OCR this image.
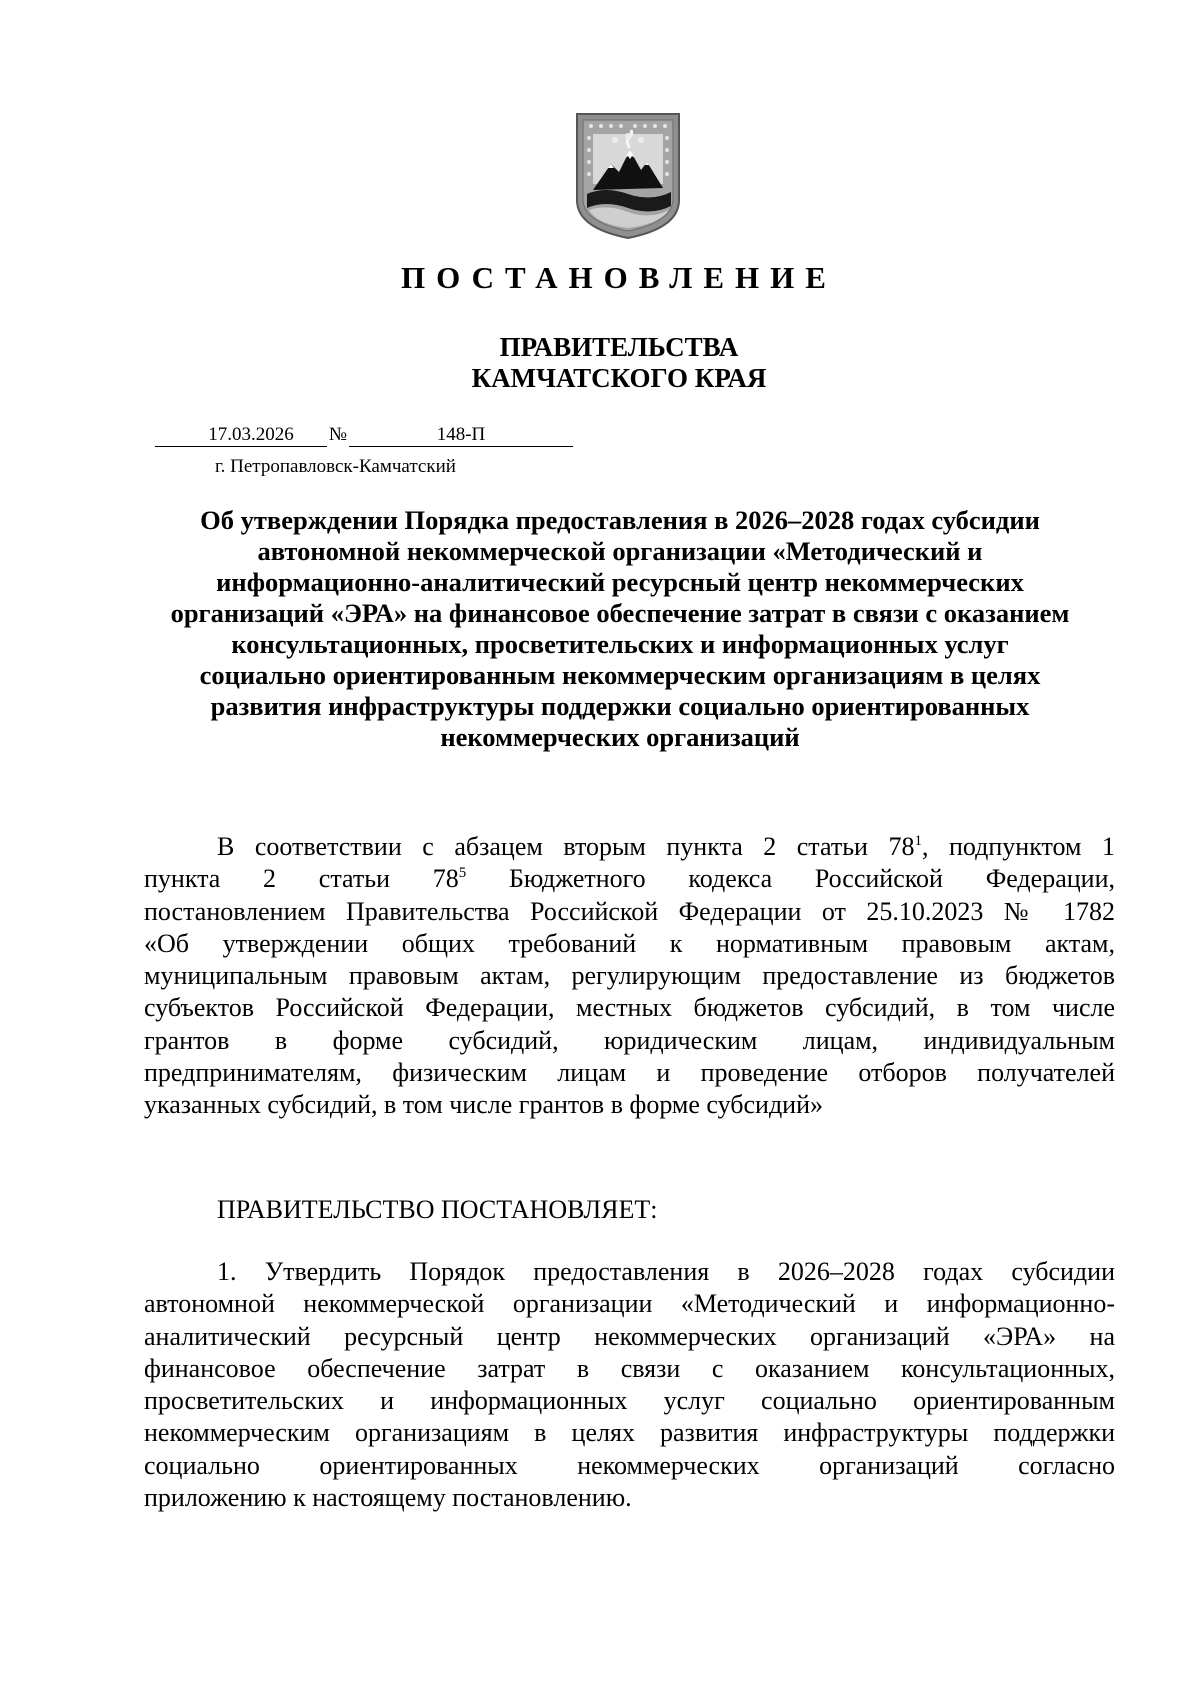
ПОСТАНОВЛЕНИЕ
ПРАВИТЕЛЬСТВА
КАМЧАТСКОГО КРАЯ
17.03.2026	№	148-П
г. Петропавловск-Камчатский
Об утверждении Порядка предоставления в 2026–2028 годах субсидии
автономной некоммерческой организации «Методический и
информационно-аналитический ресурсный центр некоммерческих
организаций «ЭРА» на финансовое обеспечение затрат в связи с оказанием
консультационных, просветительских и информационных услуг
социально ориентированным некоммерческим организациям в целях
развития инфраструктуры поддержки социально ориентированных
некоммерческих организаций
В соответствии с абзацем вторым пункта 2 статьи $78^1$, подпунктом 1
пункта 2 статьи $78^5$ Бюджетного кодекса Российской Федерации,
постановлением Правительства Российской Федерации от 25.10.2023 № 1782
«Об утверждении общих требований к нормативным правовым актам,
муниципальным правовым актам, регулирующим предоставление из бюджетов
субъектов Российской Федерации, местных бюджетов субсидий, в том числе
грантов в форме субсидий, юридическим лицам, индивидуальным
предпринимателям, физическим лицам и проведение отборов получателей
указанных субсидий, в том числе грантов в форме субсидий»
ПРАВИТЕЛЬСТВО ПОСТАНОВЛЯЕТ:
1. Утвердить Порядок предоставления в 2026–2028 годах субсидии
автономной некоммерческой организации «Методический и информационно-
аналитический ресурсный центр некоммерческих организаций «ЭРА» на
финансовое обеспечение затрат в связи с оказанием консультационных,
просветительских и информационных услуг социально ориентированным
некоммерческим организациям в целях развития инфраструктуры поддержки
социально ориентированных некоммерческих организаций согласно
приложению к настоящему постановлению.
